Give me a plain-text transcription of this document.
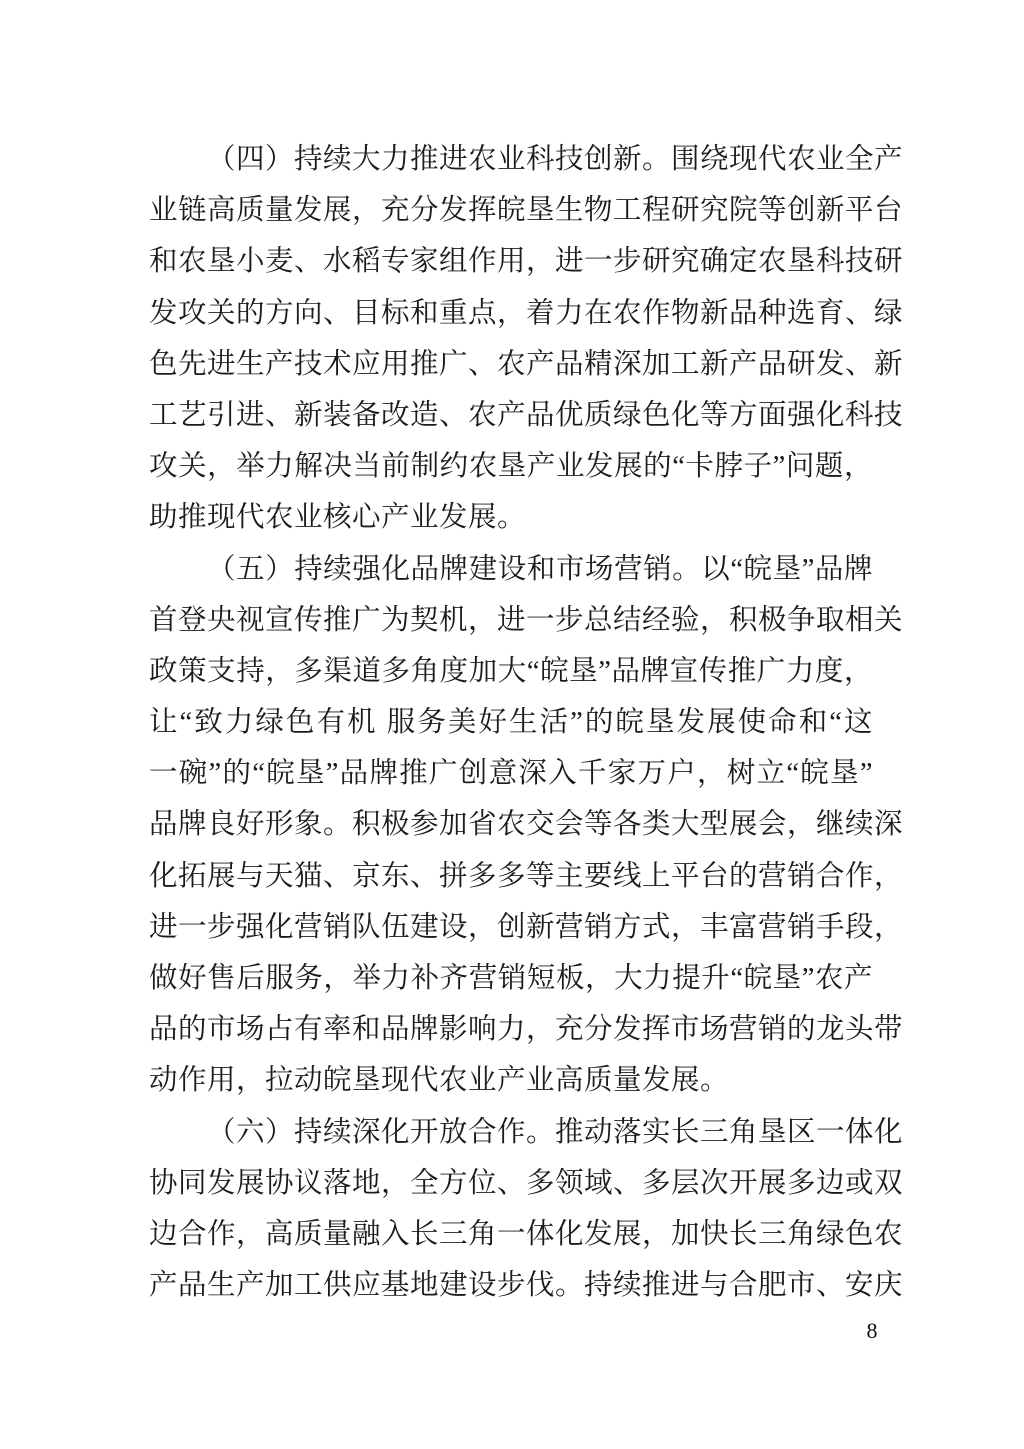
（四）持续大力推进农业科技创新。围绕现代农业全产
业链高质量发展，充分发挥皖垦生物工程研究院等创新平台
和农垦小麦、水稻专家组作用，进一步研究确定农垦科技研
发攻关的方向、目标和重点，着力在农作物新品种选育、绿
色先进生产技术应用推广、农产品精深加工新产品研发、新
工艺引进、新装备改造、农产品优质绿色化等方面强化科技
攻关，举力解决当前制约农垦产业发展的“卡脖子”问题，
助推现代农业核心产业发展。
（五）持续强化品牌建设和市场营销。以“皖垦”品牌
首登央视宣传推广为契机，进一步总结经验，积极争取相关
政策支持，多渠道多角度加大“皖垦”品牌宣传推广力度，
让“致力绿色有机 服务美好生活”的皖垦发展使命和“这
一碗”的“皖垦”品牌推广创意深入千家万户，树立“皖垦”
品牌良好形象。积极参加省农交会等各类大型展会，继续深
化拓展与天猫、京东、拼多多等主要线上平台的营销合作，
进一步强化营销队伍建设，创新营销方式，丰富营销手段，
做好售后服务，举力补齐营销短板，大力提升“皖垦”农产
品的市场占有率和品牌影响力，充分发挥市场营销的龙头带
动作用，拉动皖垦现代农业产业高质量发展。
（六）持续深化开放合作。推动落实长三角垦区一体化
协同发展协议落地，全方位、多领域、多层次开展多边或双
边合作，高质量融入长三角一体化发展，加快长三角绿色农
产品生产加工供应基地建设步伐。持续推进与合肥市、安庆
8
